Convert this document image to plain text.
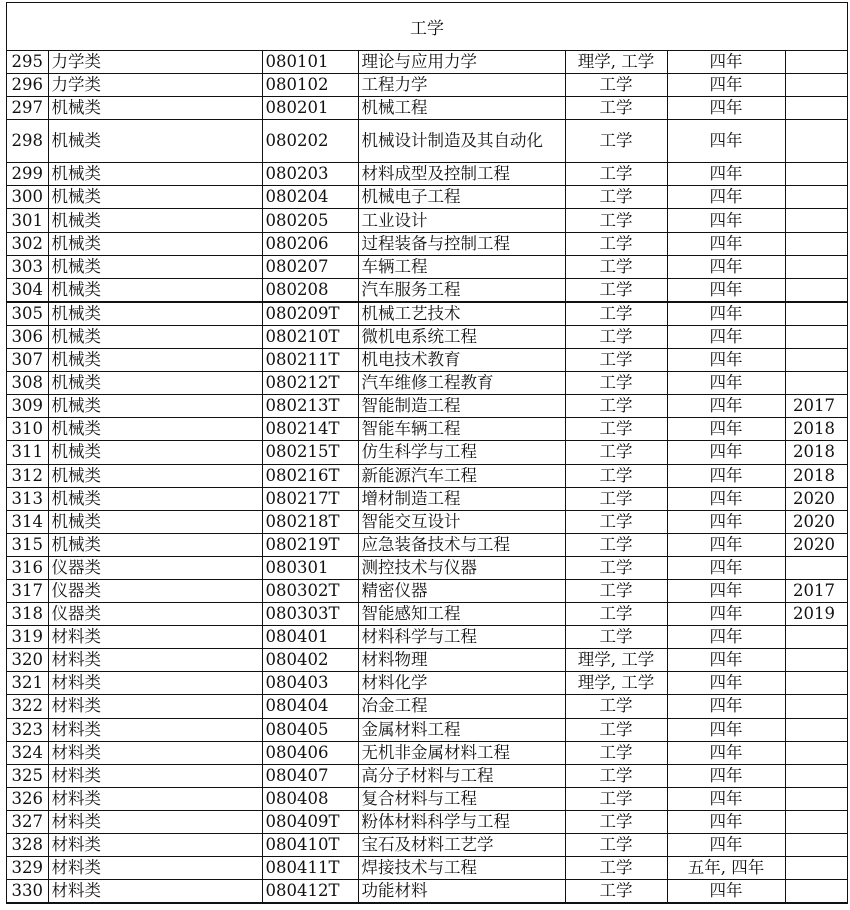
工学
295	力学类	080101	理论与应用力学	理学, 工学	四年	
296	力学类	080102	工程力学	工学	四年	
297	机械类	080201	机械工程	工学	四年	
298	机械类	080202	机械设计制造及其自动化	工学	四年	
299	机械类	080203	材料成型及控制工程	工学	四年	
300	机械类	080204	机械电子工程	工学	四年	
301	机械类	080205	工业设计	工学	四年	
302	机械类	080206	过程装备与控制工程	工学	四年	
303	机械类	080207	车辆工程	工学	四年	
304	机械类	080208	汽车服务工程	工学	四年	
305	机械类	080209T	机械工艺技术	工学	四年	
306	机械类	080210T	微机电系统工程	工学	四年	
307	机械类	080211T	机电技术教育	工学	四年	
308	机械类	080212T	汽车维修工程教育	工学	四年	
309	机械类	080213T	智能制造工程	工学	四年	2017
310	机械类	080214T	智能车辆工程	工学	四年	2018
311	机械类	080215T	仿生科学与工程	工学	四年	2018
312	机械类	080216T	新能源汽车工程	工学	四年	2018
313	机械类	080217T	增材制造工程	工学	四年	2020
314	机械类	080218T	智能交互设计	工学	四年	2020
315	机械类	080219T	应急装备技术与工程	工学	四年	2020
316	仪器类	080301	测控技术与仪器	工学	四年	
317	仪器类	080302T	精密仪器	工学	四年	2017
318	仪器类	080303T	智能感知工程	工学	四年	2019
319	材料类	080401	材料科学与工程	工学	四年	
320	材料类	080402	材料物理	理学, 工学	四年	
321	材料类	080403	材料化学	理学, 工学	四年	
322	材料类	080404	冶金工程	工学	四年	
323	材料类	080405	金属材料工程	工学	四年	
324	材料类	080406	无机非金属材料工程	工学	四年	
325	材料类	080407	高分子材料与工程	工学	四年	
326	材料类	080408	复合材料与工程	工学	四年	
327	材料类	080409T	粉体材料科学与工程	工学	四年	
328	材料类	080410T	宝石及材料工艺学	工学	四年	
329	材料类	080411T	焊接技术与工程	工学	五年, 四年	
330	材料类	080412T	功能材料	工学	四年	
